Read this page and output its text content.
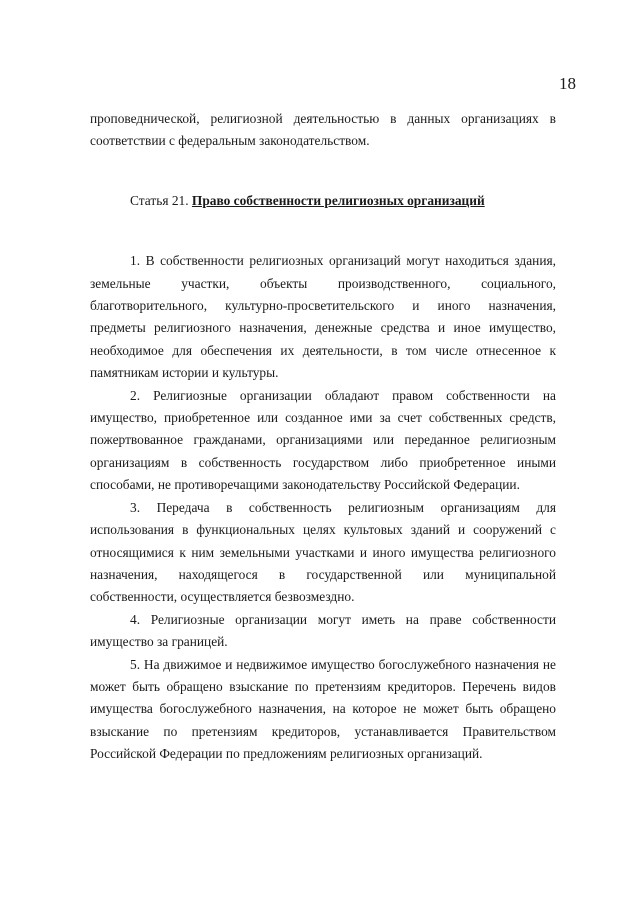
18

проповеднической, религиозной деятельностью в данных организациях в соответствии с федеральным законодательством.

Статья 21. Право собственности религиозных организаций

1. В собственности религиозных организаций могут находиться здания, земельные участки, объекты производственного, социального, благотворительного, культурно-просветительского и иного назначения, предметы религиозного назначения, денежные средства и иное имущество, необходимое для обеспечения их деятельности, в том числе отнесенное к памятникам истории и культуры.

2. Религиозные организации обладают правом собственности на имущество, приобретенное или созданное ими за счет собственных средств, пожертвованное гражданами, организациями или переданное религиозным организациям в собственность государством либо приобретенное иными способами, не противоречащими законодательству Российской Федерации.

3. Передача в собственность религиозным организациям для использования в функциональных целях культовых зданий и сооружений с относящимися к ним земельными участками и иного имущества религиозного назначения, находящегося в государственной или муниципальной собственности, осуществляется безвозмездно.

4. Религиозные организации могут иметь на праве собственности имущество за границей.

5. На движимое и недвижимое имущество богослужебного назначения не может быть обращено взыскание по претензиям кредиторов. Перечень видов имущества богослужебного назначения, на которое не может быть обращено взыскание по претензиям кредиторов, устанавливается Правительством Российской Федерации по предложениям религиозных организаций.
